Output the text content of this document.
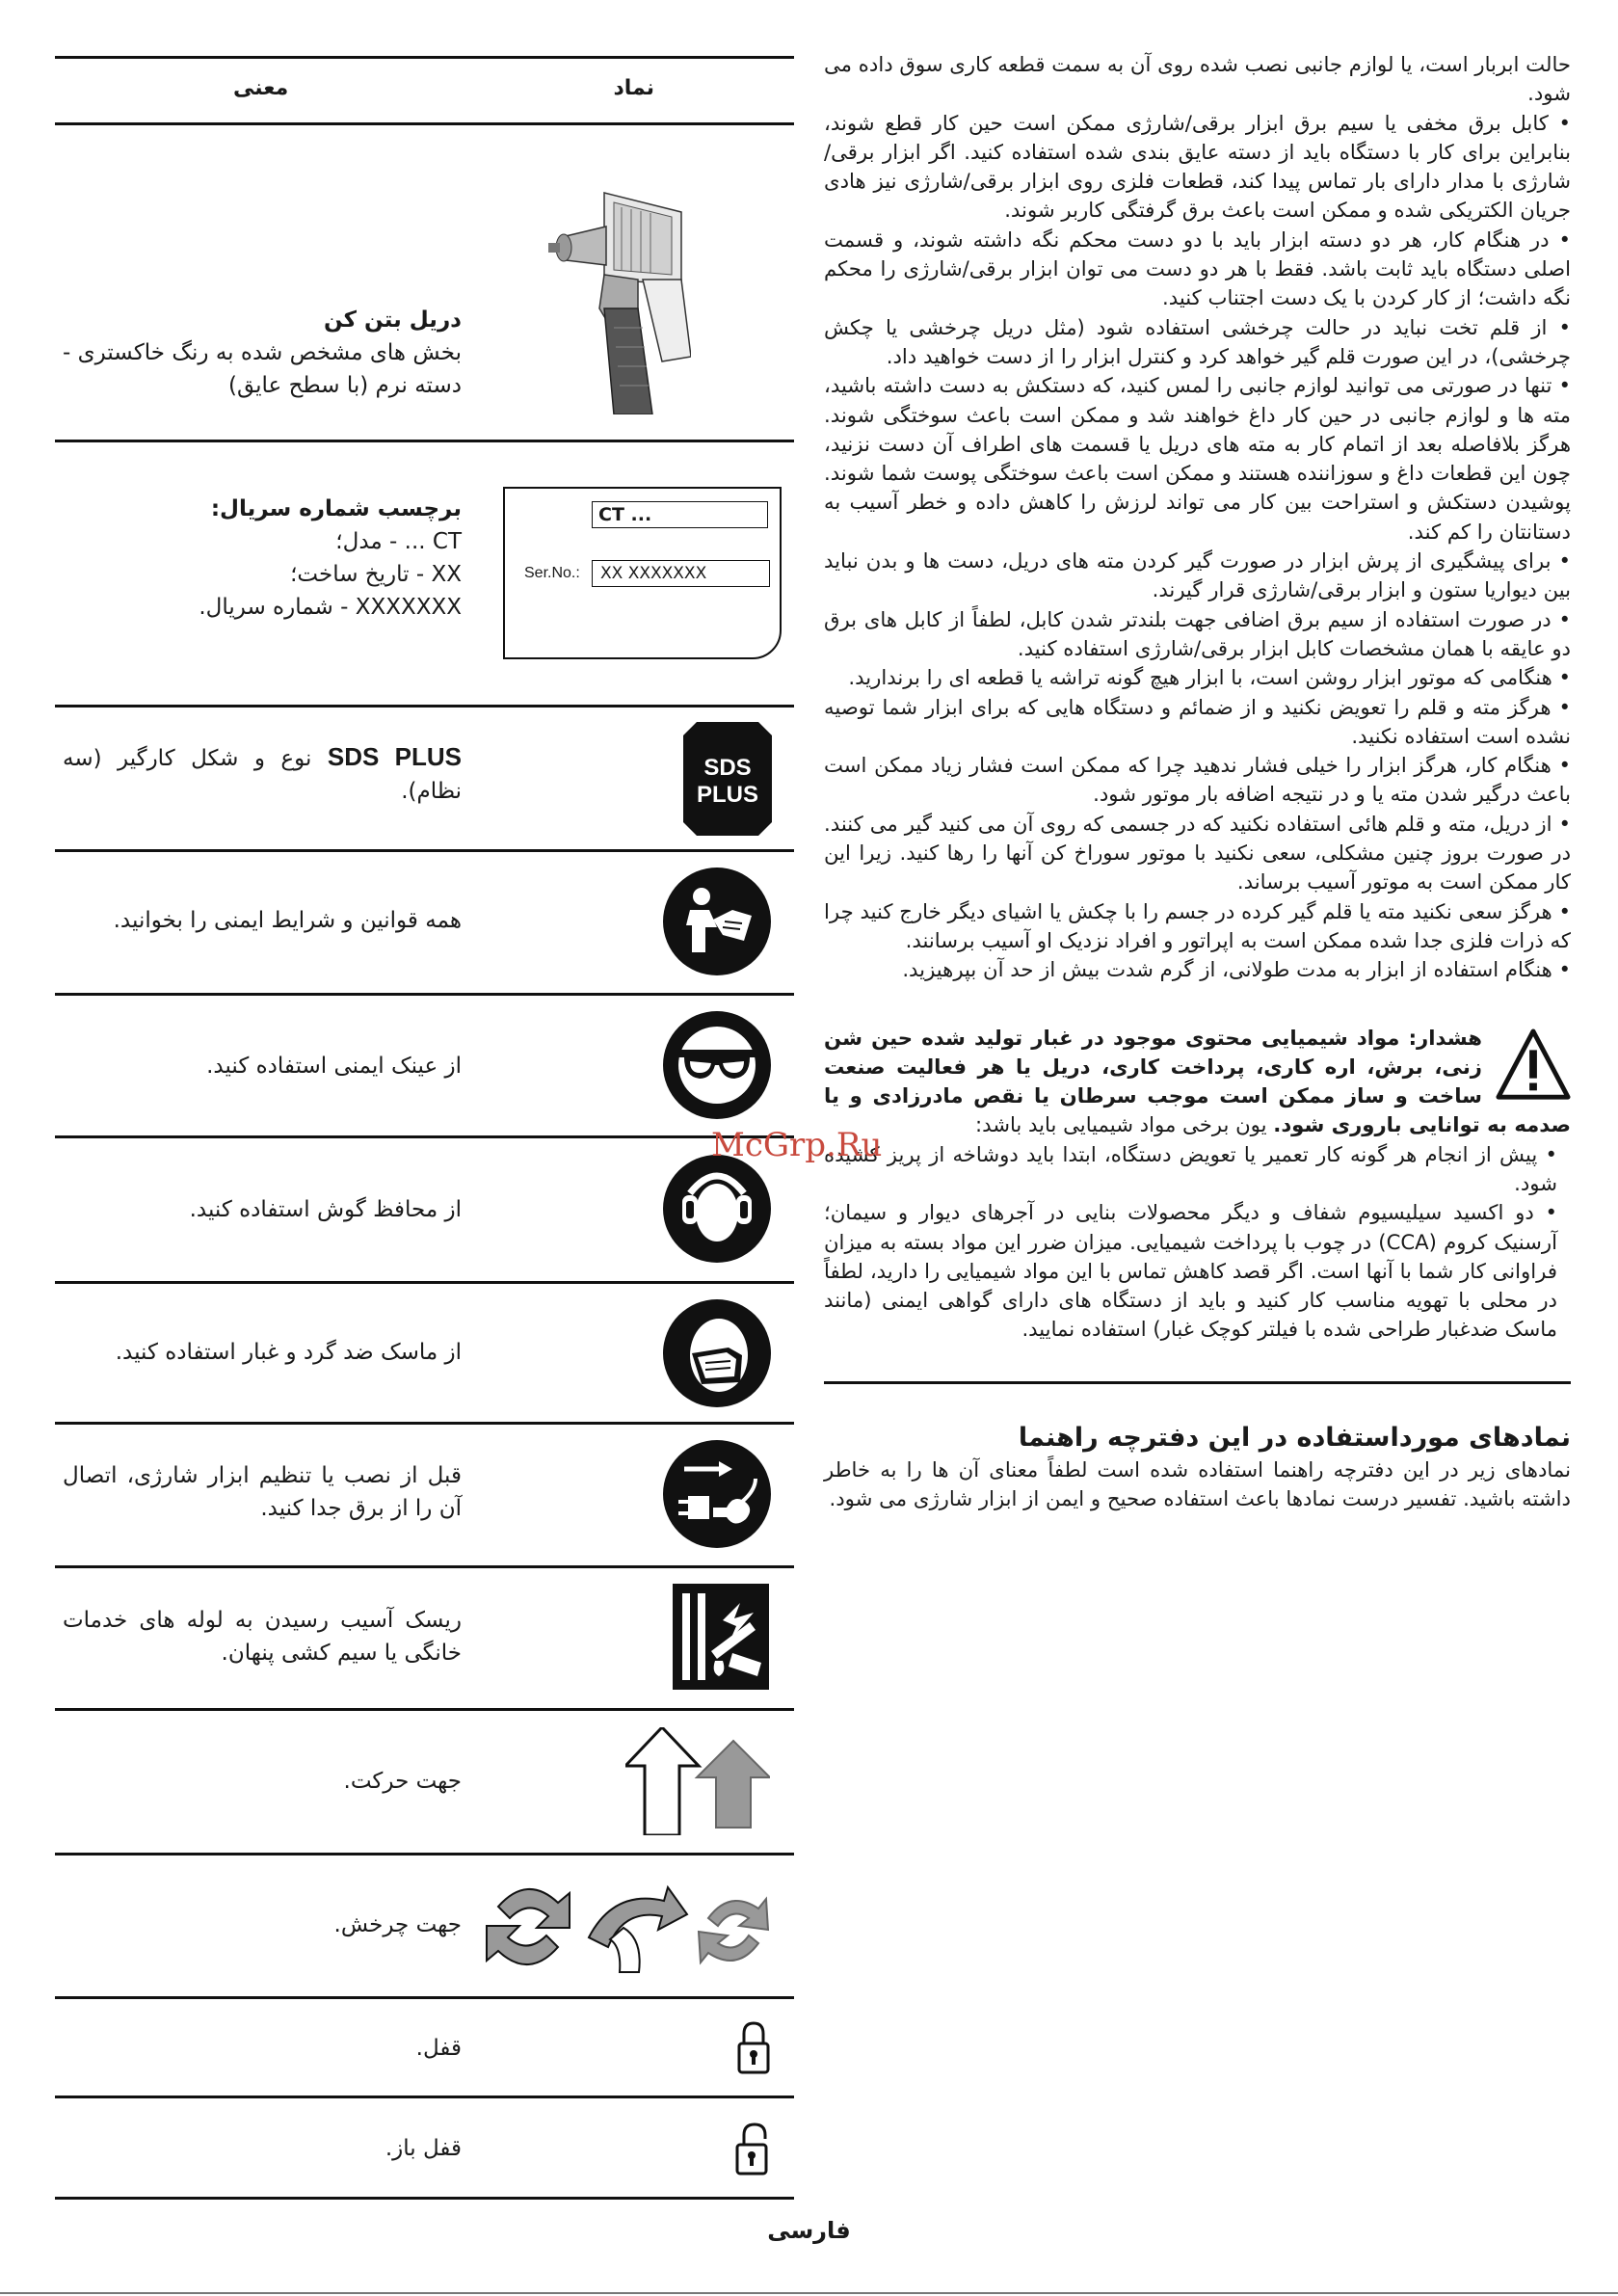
حالت ابربار است، یا لوازم جانبی نصب شده روی آن به سمت قطعه کاری سوق داده می شود.

• کابل برق مخفی یا سیم برق ابزار برقی/شارژی ممکن است حین کار قطع شوند، بنابراین برای کار با دستگاه باید از دسته عایق بندی شده استفاده کنید. اگر ابزار برقی/شارژی با مدار دارای بار تماس پیدا کند، قطعات فلزی روی ابزار برقی/شارژی نیز هادی جریان الکتریکی شده و ممکن است باعث برق گرفتگی کاربر شوند.

• در هنگام کار، هر دو دسته ابزار باید با دو دست محکم نگه داشته شوند، و قسمت اصلی دستگاه باید ثابت باشد. فقط با هر دو دست می توان ابزار برقی/شارژی را محکم نگه داشت؛ از کار کردن با یک دست اجتناب کنید.

• از قلم تخت نباید در حالت چرخشی استفاده شود (مثل دریل چرخشی یا چکش چرخشی)، در این صورت قلم گیر خواهد کرد و کنترل ابزار را از دست خواهید داد.

• تنها در صورتی می توانید لوازم جانبی را لمس کنید، که دستکش به دست داشته باشید، مته ها و لوازم جانبی در حین کار داغ خواهند شد و ممکن است باعث سوختگی شوند. هرگز بلافاصله بعد از اتمام کار به مته های دریل یا قسمت های اطراف آن دست نزنید، چون این قطعات داغ و سوزاننده هستند و ممکن است باعث سوختگی پوست شما شوند. پوشیدن دستکش و استراحت بین کار می تواند لرزش را کاهش داده و خطر آسیب به دستانتان را کم کند.

• برای پیشگیری از پرش ابزار در صورت گیر کردن مته های دریل، دست ها و بدن نباید بین دیواریا ستون و ابزار برقی/شارژی قرار گیرند.

• در صورت استفاده از سیم برق اضافی جهت بلندتر شدن کابل، لطفاً از کابل های برق دو عایقه با همان مشخصات کابل ابزار برقی/شارژی استفاده کنید.

• هنگامی که موتور ابزار روشن است، با ابزار هیچ گونه تراشه یا قطعه ای را برندارید.

• هرگز مته و قلم را تعویض نکنید و از ضمائم و دستگاه هایی که برای ابزار شما توصیه نشده است استفاده نکنید.

• هنگام کار، هرگز ابزار را خیلی فشار ندهید چرا که ممکن است فشار زیاد ممکن است باعث درگیر شدن مته یا و در نتیجه اضافه بار موتور شود.

• از دریل، مته و قلم هائی استفاده نکنید که در جسمی که روی آن می کنید گیر می کنند. در صورت بروز چنین مشکلی، سعی نکنید با موتور سوراخ کن آنها را رها کنید. زیرا این کار ممکن است به موتور آسیب برساند.

• هرگز سعی نکنید مته یا قلم گیر کرده در جسم را با چکش یا اشیای دیگر خارج کنید چرا که ذرات فلزی جدا شده ممکن است به اپراتور و افراد نزدیک او آسیب برسانند.

• هنگام استفاده از ابزار به مدت طولانی، از گرم شدت بیش از حد آن بپرهیزید.

هشدار: مواد شیمیایی محتوی موجود در غبار تولید شده حین شن زنی، برش، اره کاری، پرداخت کاری، دریل یا هر فعالیت صنعت ساخت و ساز ممکن است موجب سرطان یا نقص مادرزادی و یا صدمه به توانایی باروری شود. یون برخی مواد شیمیایی باید باشد:

• پیش از انجام هر گونه کار تعمیر یا تعویض دستگاه، ابتدا باید دوشاخه از پریز کشیده شود.

• دو اکسید سیلیسیوم شفاف و دیگر محصولات بنایی در آجرهای دیوار و سیمان؛ آرسنیک کروم (CCA) در چوب با پرداخت شیمیایی. میزان ضرر این مواد بسته به میزان فراوانی کار شما با آنها است. اگر قصد کاهش تماس با این مواد شیمیایی را دارید، لطفاً در محلی با تهویه مناسب کار کنید و باید از دستگاه های دارای گواهی ایمنی (مانند ماسک ضدغبار طراحی شده با فیلتر کوچک غبار) استفاده نمایید.

نمادهای مورداستفاده در این دفترچه راهنما

نمادهای زیر در این دفترچه راهنما استفاده شده است لطفاً معنای آن ها را به خاطر داشته باشید. تفسیر درست نمادها باعث استفاده صحیح و ایمن از ابزار شارژی می شود.

نماد
معنی
دریل بتن کن
بخش های مشخص شده به رنگ خاکستری - دسته نرم (با سطح عایق)
CT ...
Ser.No.:	XX XXXXXXX
برچسب شماره سریال:
CT ... - مدل؛
XX - تاریخ ساخت؛
XXXXXXX - شماره سریال.
SDS
PLUS
SDS PLUS نوع و شکل کارگیر (سه نظام).
همه قوانین و شرایط ایمنی را بخوانید.
از عینک ایمنی استفاده کنید.
از محافظ گوش استفاده کنید.
از ماسک ضد گرد و غبار استفاده کنید.
قبل از نصب یا تنظیم ابزار شارژی، اتصال آن را از برق جدا کنید.
ریسک آسیب رسیدن به لوله های خدمات خانگی یا سیم کشی پنهان.
جهت حرکت.
جهت چرخش.
قفل.
قفل باز.
McGrp.Ru
فارسی
